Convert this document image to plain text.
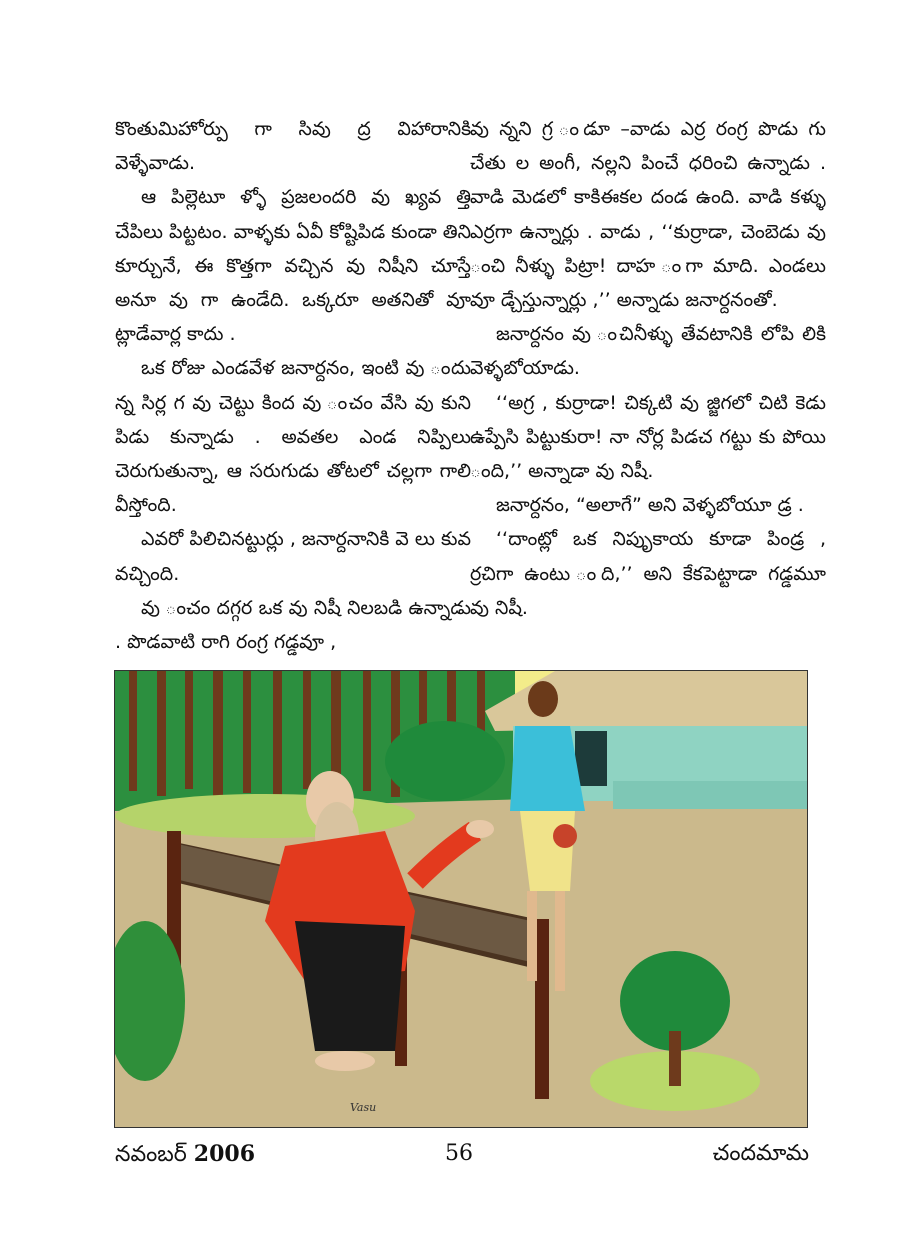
కొంతుమిహోర్పు గా సివు ద్ర విహారానికి వెళ్ళేవాడు.

ఆ పిల్లెటూ ళ్ళో ప్రజలందరి వు ఖ్యవ త్తి చేపిలు పిట్టటం. వాళ్ళకు ఏవీ కోష్టిపిడ కుండా తిని కూర్చునే, ఈ కొత్తగా వచ్చిన వు నిషీని చూస్తే అనూ వు గా ఉండేది. ఒక్కరూ అతనితో వూ ట్లాడేవార్ల కాదు .

ఒక రోజు ఎండవేళ జనార్దనం, ఇంటి వు ందు న్న సిర్ల గ వు చెట్టు కింద వు ంచం వేసి వు కుని పిడు కున్నాడు . అవతల ఎండ నిప్పిలు చెరుగుతున్నా, ఆ సరుగుడు తోటలో చల్లగా గాలి వీస్తోంది.

ఎవరో పిలిచినట్టుర్లు , జనార్దనానికి వె లు కువ వచ్చింది.

వు ంచం దగ్గర ఒక వు నిషీ నిలబడి ఉన్నాడు . పొడవాటి రాగి రంగ్ర గడ్డవూ ,

వు న్నని గ్ర ండూ –వాడు ఎర్ర రంగ్ర పొడు గు చేతు ల అంగీ, నల్లని పించే ధరించి ఉన్నాడు . వాడి మెడలో కాకిఈకల దండ ఉంది. వాడి కళ్ళు ఎర్రగా ఉన్నార్లు . వాడు , ‘‘కుర్రాడా, చెంబెడు వు ంచి నీళ్ళు పిట్రా! దాహ ంగా మాది. ఎండలు వూ డ్చేస్తున్నార్లు ,’’ అన్నాడు జనార్దనంతో.

జనార్దనం వు ంచినీళ్ళు తేవటానికి లోపి లికి వెళ్ళబోయాడు.

‘‘అగ్ర , కుర్రాడా! చిక్కటి వు జ్జిగలో చిటి కెడు ఉప్పేసి పిట్టుకురా! నా నోర్ల పిడచ గట్టు కు పోయి ంది,’’ అన్నాడా వు నిషీ.

జనార్దనం, “అలాగే” అని వెళ్ళబోయూ డ్ర .

‘‘దాంట్లో ఒక నిపుృకాయ కూడా పిండ్ర , ర్రచిగా ఉంటు ంది,’’ అని కేకపెట్టాడా గడ్డమూ వు నిషీ.

Vasu
నవంబర్ 2006	56	చందమామ
